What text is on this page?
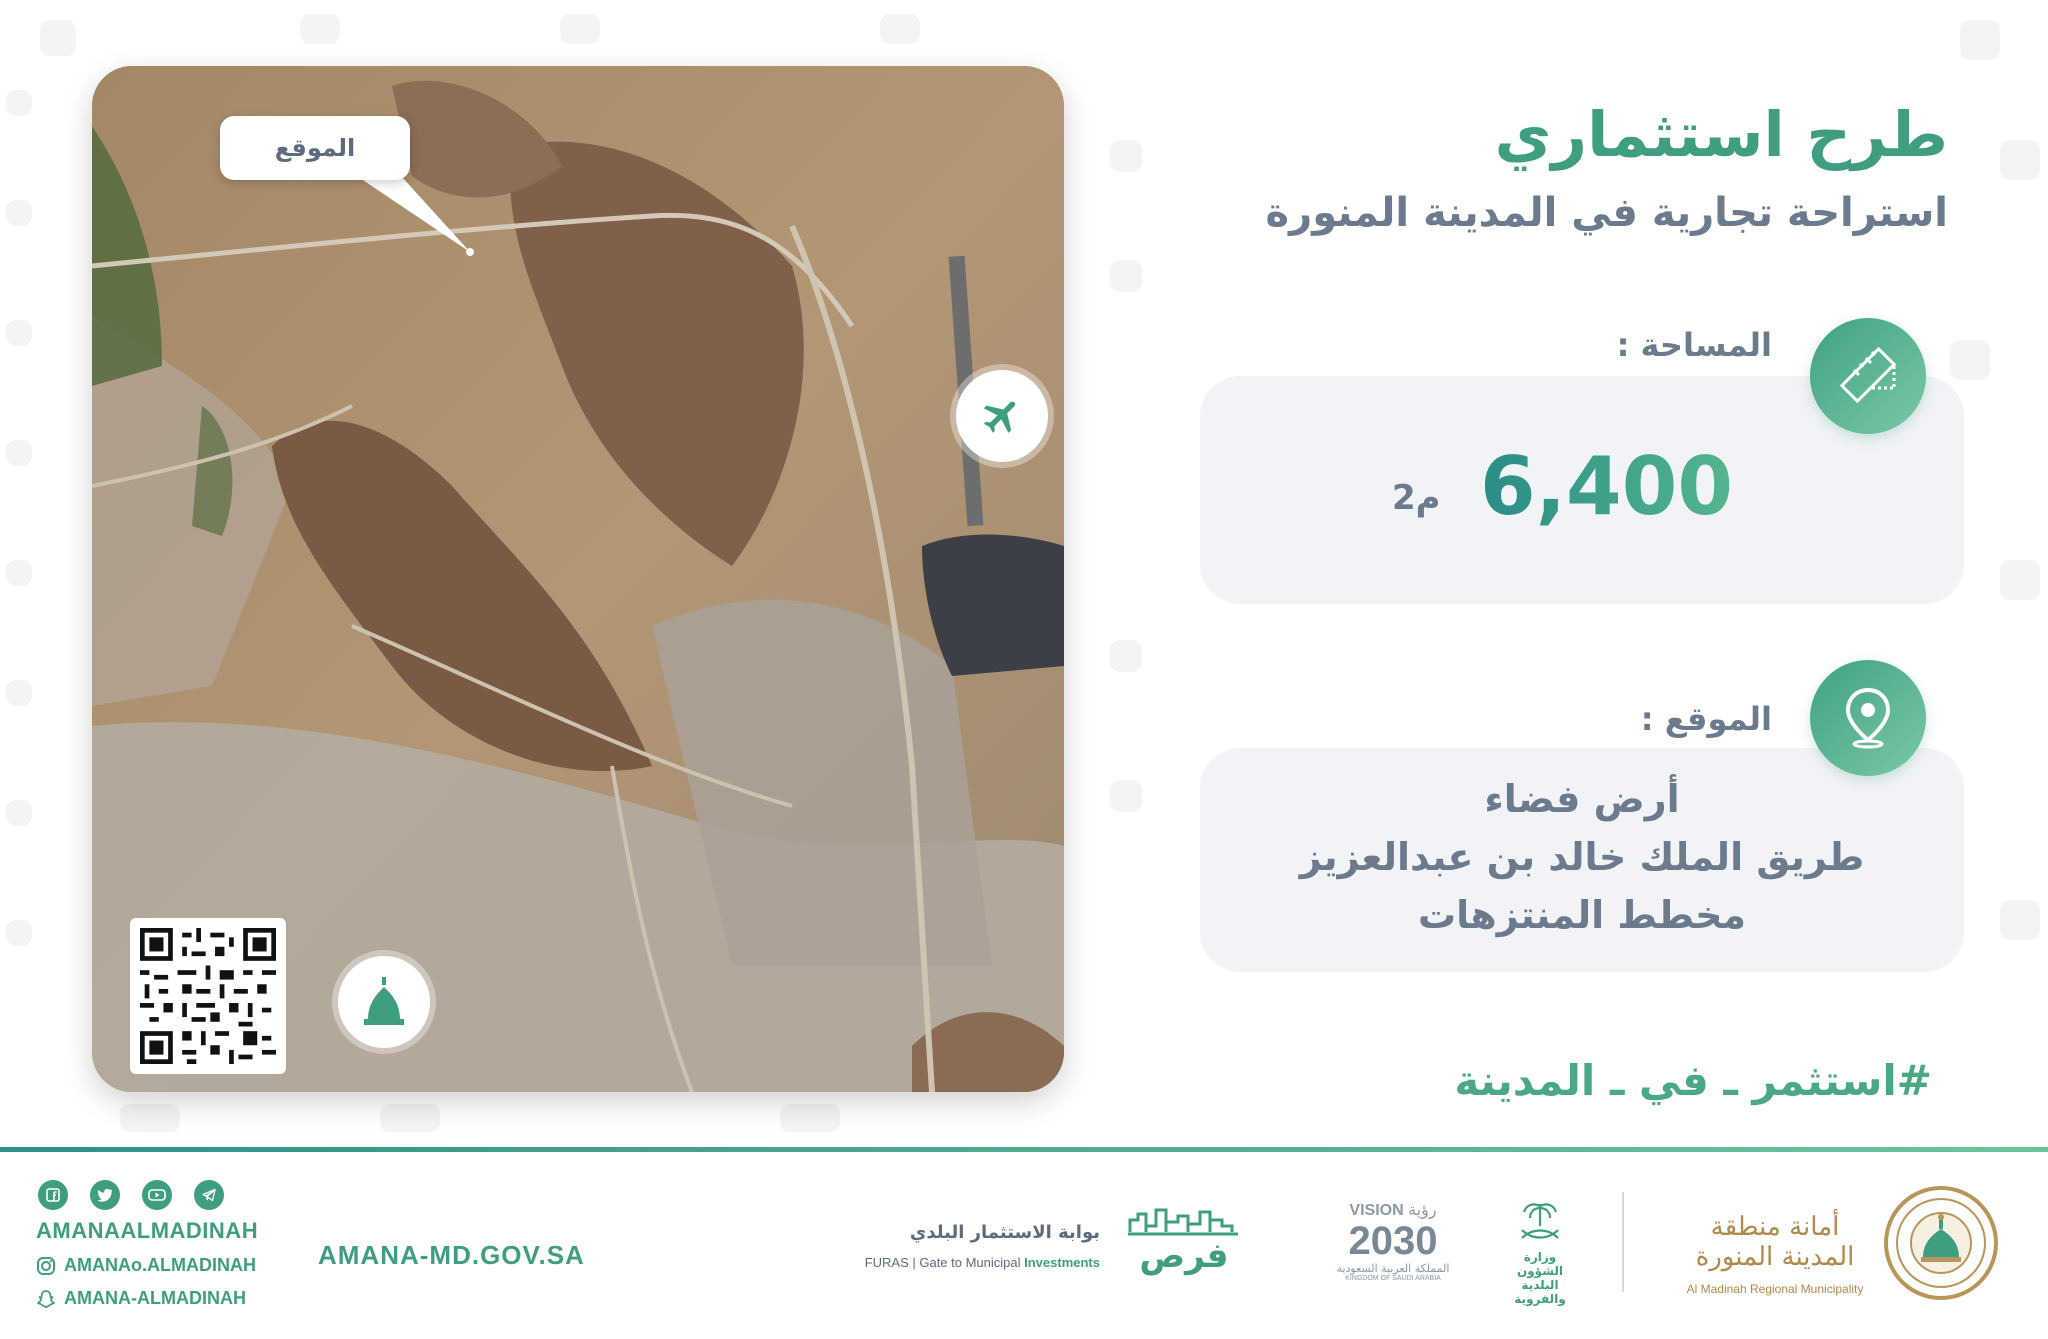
الموقع	طرح استثماري
استراحة تجارية في المدينة المنورة
المساحة :
6,400
م2
الموقع :
أرض فضاء
طريق الملك خالد بن عبدالعزيز
مخطط المنتزهات
#استثمر ـ في ـ المدينة
AMANAALMADINAH
AMANAo.ALMADINAH
AMANA-ALMADINAH
AMANA-MD.GOV.SA
بوابة الاستثمار البلدي
FURAS | Gate to Municipal Investments	فرص
VISION رؤية
2030
المملكة العربية السعودية
KINGDOM OF SAUDI ARABIA
وزارة الشؤون البلدية والقروية
أمانة منطقة المدينة المنورة
Al Madinah Regional Municipality
